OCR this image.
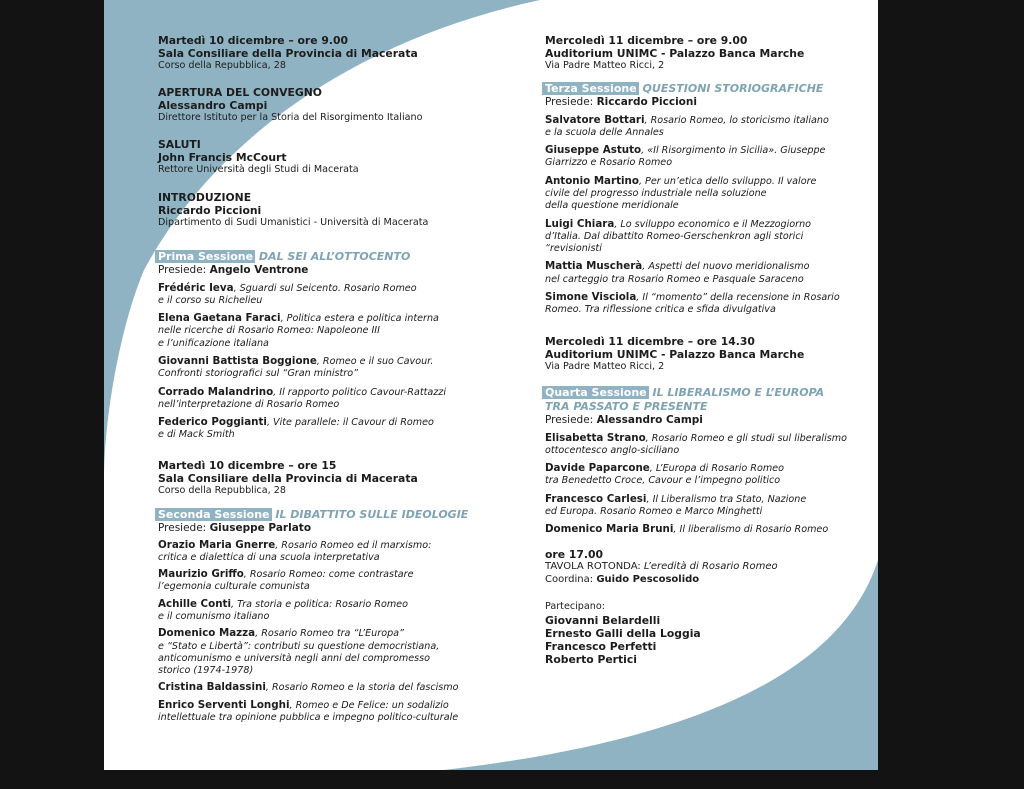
Martedì 10 dicembre – ore 9.00
Sala Consiliare della Provincia di Macerata
Corso della Repubblica, 28
APERTURA DEL CONVEGNO
Alessandro Campi
Direttore Istituto per la Storia del Risorgimento Italiano
SALUTI
John Francis McCourt
Rettore Università degli Studi di Macerata
INTRODUZIONE
Riccardo Piccioni
Dipartimento di Sudi Umanistici - Università di Macerata
Prima Sessione DAL SEI ALL’OTTOCENTO
Presiede: Angelo Ventrone
Frédéric Ieva, Sguardi sul Seicento. Rosario Romeo
e il corso su Richelieu
Elena Gaetana Faraci, Politica estera e politica interna
nelle ricerche di Rosario Romeo: Napoleone III
e l’unificazione italiana
Giovanni Battista Boggione, Romeo e il suo Cavour.
Confronti storiografici sul “Gran ministro”
Corrado Malandrino, Il rapporto politico Cavour-Rattazzi
nell’interpretazione di Rosario Romeo
Federico Poggianti, Vite parallele: il Cavour di Romeo
e di Mack Smith
Martedì 10 dicembre – ore 15
Sala Consiliare della Provincia di Macerata
Corso della Repubblica, 28
Seconda Sessione IL DIBATTITO SULLE IDEOLOGIE
Presiede: Giuseppe Parlato
Orazio Maria Gnerre, Rosario Romeo ed il marxismo:
critica e dialettica di una scuola interpretativa
Maurizio Griffo, Rosario Romeo: come contrastare
l’egemonia culturale comunista
Achille Conti, Tra storia e politica: Rosario Romeo
e il comunismo italiano
Domenico Mazza, Rosario Romeo tra “L’Europa”
e “Stato e Libertà”: contributi su questione democristiana,
anticomunismo e università negli anni del compromesso
storico (1974-1978)
Cristina Baldassini, Rosario Romeo e la storia del fascismo
Enrico Serventi Longhi, Romeo e De Felice: un sodalizio
intellettuale tra opinione pubblica e impegno politico-culturale
Mercoledì 11 dicembre – ore 9.00
Auditorium UNIMC - Palazzo Banca Marche
Via Padre Matteo Ricci, 2
Terza Sessione QUESTIONI STORIOGRAFICHE
Presiede: Riccardo Piccioni
Salvatore Bottari, Rosario Romeo, lo storicismo italiano
e la scuola delle Annales
Giuseppe Astuto, «Il Risorgimento in Sicilia». Giuseppe
Giarrizzo e Rosario Romeo
Antonio Martino, Per un’etica dello sviluppo. Il valore
civile del progresso industriale nella soluzione
della questione meridionale
Luigi Chiara, Lo sviluppo economico e il Mezzogiorno
d’Italia. Dal dibattito Romeo-Gerschenkron agli storici
“revisionisti
Mattia Muscherà, Aspetti del nuovo meridionalismo
nel carteggio tra Rosario Romeo e Pasquale Saraceno
Simone Visciola, Il “momento” della recensione in Rosario
Romeo. Tra riflessione critica e sfida divulgativa
Mercoledì 11 dicembre – ore 14.30
Auditorium UNIMC - Palazzo Banca Marche
Via Padre Matteo Ricci, 2
Quarta Sessione IL LIBERALISMO E L’EUROPA
TRA PASSATO E PRESENTE
Presiede: Alessandro Campi
Elisabetta Strano, Rosario Romeo e gli studi sul liberalismo
ottocentesco anglo-siciliano
Davide Paparcone, L’Europa di Rosario Romeo
tra Benedetto Croce, Cavour e l’impegno politico
Francesco Carlesi, Il Liberalismo tra Stato, Nazione
ed Europa. Rosario Romeo e Marco Minghetti
Domenico Maria Bruni, Il liberalismo di Rosario Romeo
ore 17.00
TAVOLA ROTONDA: L’eredità di Rosario Romeo
Coordina: Guido Pescosolido
Partecipano:
Giovanni Belardelli
Ernesto Galli della Loggia
Francesco Perfetti
Roberto Pertici
